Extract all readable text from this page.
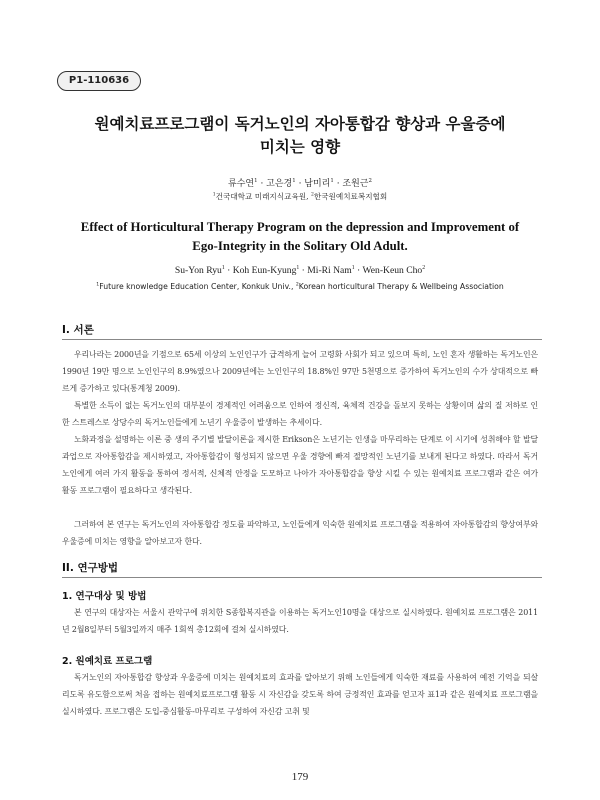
P1-110636
원예치료프로그램이 독거노인의 자아통합감 향상과 우울증에
미치는 영향
류수연$^1$ · 고은경$^1$ · 남미리$^1$ · 조원근$^2$
$^1$건국대학교 미래지식교육원, $^2$한국원예치료복지협회
Effect of Horticultural Therapy Program on the depression and Improvement of
Ego-Integrity in the Solitary Old Adult.
Su-Yon Ryu$^1$ · Koh Eun-Kyung$^1$ · Mi-Ri Nam$^1$ · Wen-Keun Cho$^2$
$^1$Future knowledge Education Center, Konkuk Univ., $^2$Korean horticultural Therapy & Wellbeing Association
I. 서론

우리나라는 2000년을 기점으로 65세 이상의 노인인구가 급격하게 늘어 고령화 사회가 되고 있으며 특히, 노인 혼자 생활하는 독거노인은 1990년 19만 명으로 노인인구의 8.9%였으나 2009년에는 노인인구의 18.8%인 97만 5천명으로 증가하여 독거노인의 수가 상대적으로 빠르게 증가하고 있다(통계청 2009).

특별한 소득이 없는 독거노인의 대부분이 경제적인 어려움으로 인하여 정신적, 육체적 건강을 돌보지 못하는 상황이며 삶의 질 저하로 인한 스트레스로 상당수의 독거노인들에게 노년기 우울증이 발생하는 추세이다.

노화과정을 설명하는 이론 중 생의 주기별 발달이론을 제시한 Erikson은 노년기는 인생을 마무리하는 단계로 이 시기에 성취해야 할 발달과업으로 자아통합감을 제시하였고, 자아통합감이 형성되지 않으면 우울 경향에 빠져 절망적인 노년기를 보내게 된다고 하였다. 따라서 독거노인에게 여러 가지 활동을 통하여 정서적, 신체적 안정을 도모하고 나아가 자아통합감을 향상 시킬 수 있는 원예치료 프로그램과 같은 여가 활동 프로그램이 필요하다고 생각된다.

그러하여 본 연구는 독거노인의 자아통합감 정도를 파악하고, 노인들에게 익숙한 원예치료 프로그램을 적용하여 자아통합감의 향상여부와 우울증에 미치는 영향을 알아보고자 한다.

II. 연구방법
1. 연구대상 및 방법

본 연구의 대상자는 서울시 관악구에 위치한 S종합복지관을 이용하는 독거노인10명을 대상으로 실시하였다. 원예치료 프로그램은 2011년 2월8일부터 5월3일까지 매주 1회씩 총12회에 걸쳐 실시하였다.

2. 원예치료 프로그램

독거노인의 자아통합감 향상과 우울증에 미치는 원예치료의 효과를 알아보기 위해 노인들에게 익숙한 재료를 사용하여 예전 기억을 되살리도록 유도함으로써 처음 접하는 원예치료프로그램 활동 시 자신감을 갖도록 하여 긍정적인 효과를 얻고자 표1과 같은 원예치료 프로그램을 실시하였다. 프로그램은 도입-중심활동-마무리로 구성하여 자신감 고취 및

179
